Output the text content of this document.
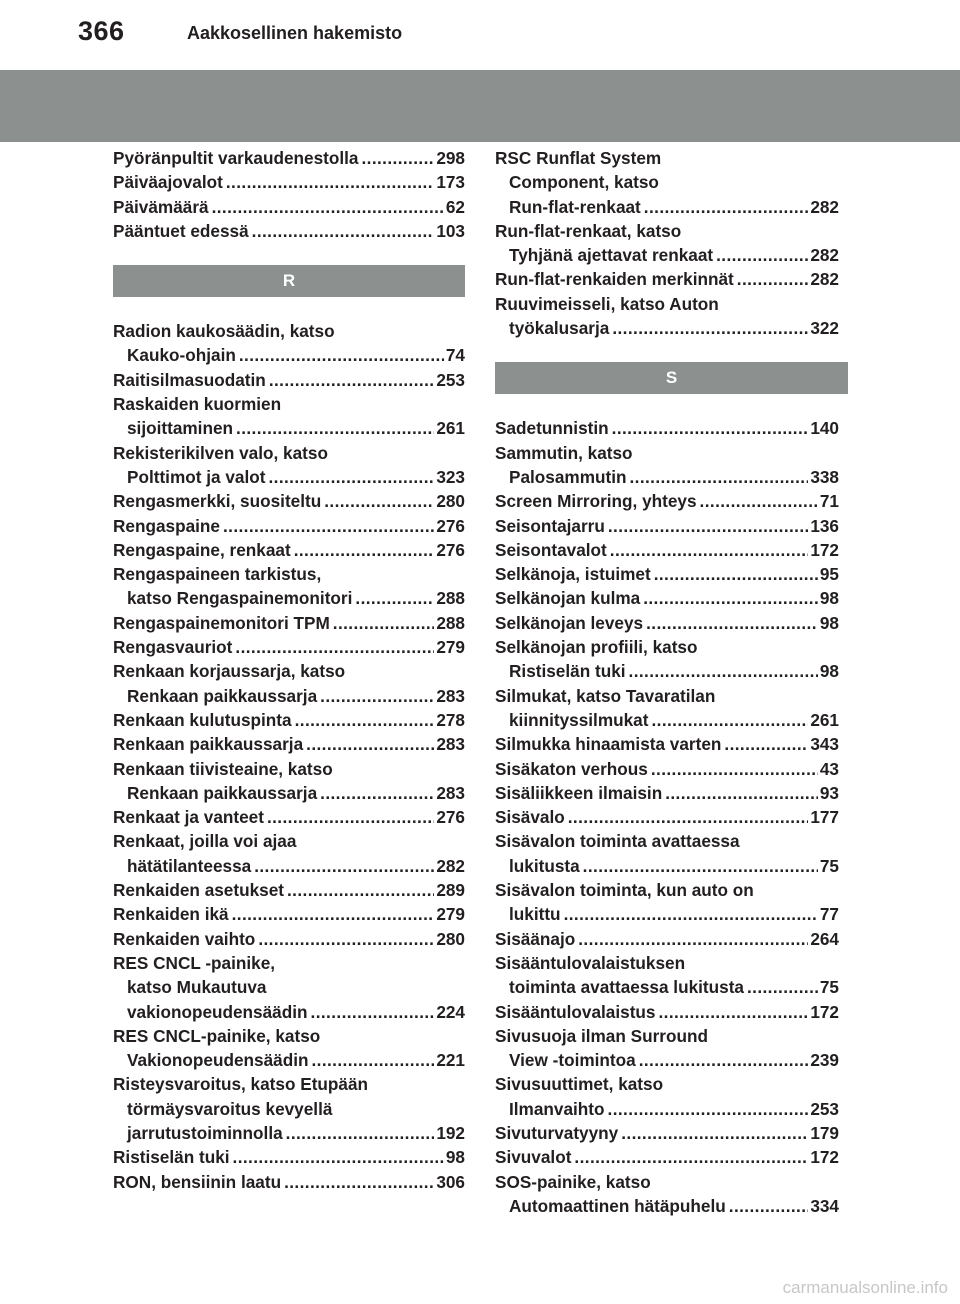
366	Aakkosellinen hakemisto
Pyöränpultit varkaudenestolla .....	298
Päiväajovalot .....	173
Päivämäärä .....	62
Pääntuet edessä .....	103
R
Radion kaukosäädin, katso
Kauko-ohjain .....	74
Raitisilmasuodatin .....	253
Raskaiden kuormien
sijoittaminen .....	261
Rekisterikilven valo, katso
Polttimot ja valot .....	323
Rengasmerkki, suositeltu .....	280
Rengaspaine .....	276
Rengaspaine, renkaat .....	276
Rengaspaineen tarkistus,
katso Rengaspainemonitori .....	288
Rengaspainemonitori TPM .....	288
Rengasvauriot .....	279
Renkaan korjaussarja, katso
Renkaan paikkaussarja .....	283
Renkaan kulutuspinta .....	278
Renkaan paikkaussarja .....	283
Renkaan tiivisteaine, katso
Renkaan paikkaussarja .....	283
Renkaat ja vanteet .....	276
Renkaat, joilla voi ajaa
hätätilanteessa .....	282
Renkaiden asetukset .....	289
Renkaiden ikä .....	279
Renkaiden vaihto .....	280
RES CNCL -painike,
katso Mukautuva
vakionopeudensäädin .....	224
RES CNCL-painike, katso
Vakionopeudensäädin .....	221
Risteysvaroitus, katso Etupään
törmäysvaroitus kevyellä
jarrutustoiminnolla .....	192
Ristiselän tuki .....	98
RON, bensiinin laatu .....	306
RSC Runflat System
Component, katso
Run-flat-renkaat .....	282
Run-flat-renkaat, katso
Tyhjänä ajettavat renkaat .....	282
Run-flat-renkaiden merkinnät .....	282
Ruuvimeisseli, katso Auton
työkalusarja .....	322
S
Sadetunnistin .....	140
Sammutin, katso
Palosammutin .....	338
Screen Mirroring, yhteys .....	71
Seisontajarru .....	136
Seisontavalot .....	172
Selkänoja, istuimet .....	95
Selkänojan kulma .....	98
Selkänojan leveys .....	98
Selkänojan profiili, katso
Ristiselän tuki .....	98
Silmukat, katso Tavaratilan
kiinnityssilmukat .....	261
Silmukka hinaamista varten .....	343
Sisäkaton verhous .....	43
Sisäliikkeen ilmaisin .....	93
Sisävalo .....	177
Sisävalon toiminta avattaessa
lukitusta .....	75
Sisävalon toiminta, kun auto on
lukittu .....	77
Sisäänajo .....	264
Sisääntulovalaistuksen
toiminta avattaessa lukitusta .....	75
Sisääntulovalaistus .....	172
Sivusuoja ilman Surround
View -toimintoa .....	239
Sivusuuttimet, katso
Ilmanvaihto .....	253
Sivuturvatyyny .....	179
Sivuvalot .....	172
SOS-painike, katso
Automaattinen hätäpuhelu .....	334
carmanualsonline.info
